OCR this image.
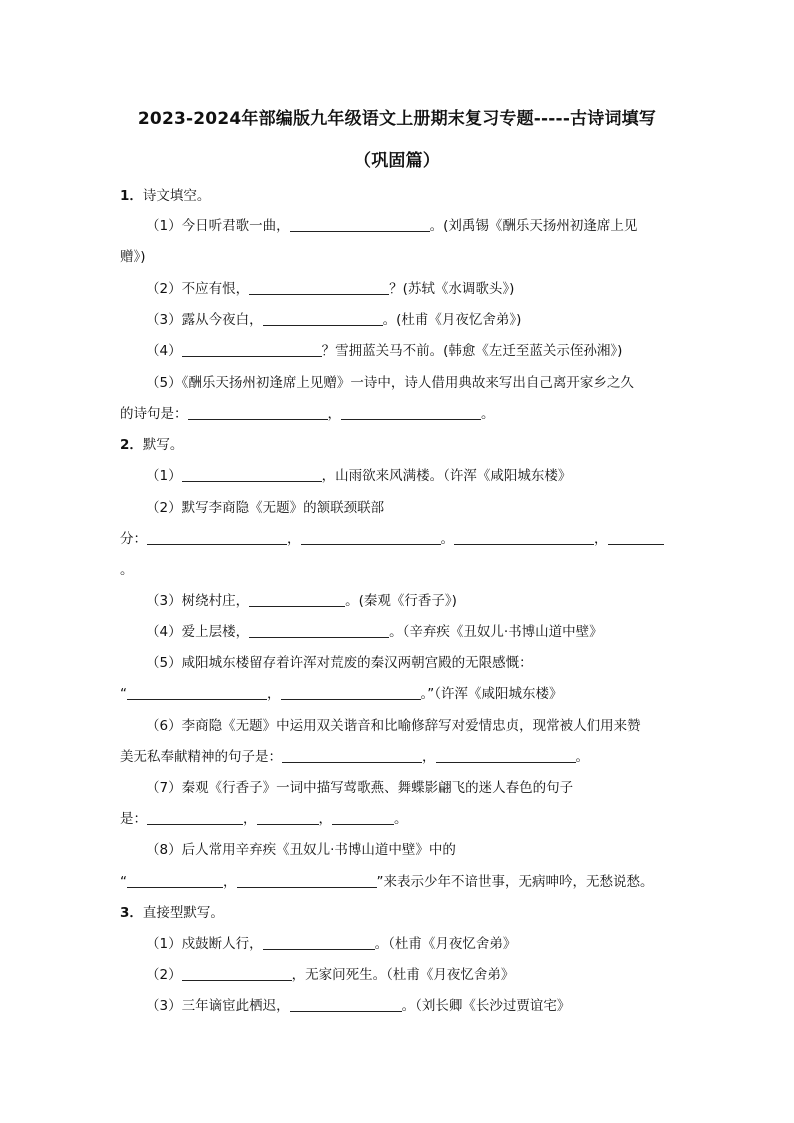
2023-2024年部编版九年级语文上册期末复习专题-----古诗词填写
（巩固篇）
1．诗文填空。
（1）今日听君歌一曲，	。(刘禹锡《酬乐天扬州初逢席上见
赠》)
（2）不应有恨，	？(苏轼《水调歌头》)
（3）露从今夜白，	。(杜甫《月夜忆舍弟》)
（4）	？雪拥蓝关马不前。(韩愈《左迁至蓝关示侄孙湘》)
（5）《酬乐天扬州初逢席上见赠》一诗中，诗人借用典故来写出自己离开家乡之久
的诗句是：	，	。
2．默写。
（1）	，山雨欲来风满楼。（许浑《咸阳城东楼》
（2）默写李商隐《无题》的颔联颈联部
分：	，	。	，
。
（3）树绕村庄，	。(秦观《行香子》)
（4）爱上层楼，	。（辛弃疾《丑奴儿·书博山道中壁》
（5）咸阳城东楼留存着许浑对荒废的秦汉两朝宫殿的无限感慨：
“	，	。”（许浑《咸阳城东楼》
（6）李商隐《无题》中运用双关谐音和比喻修辞写对爱情忠贞，现常被人们用来赞
美无私奉献精神的句子是：	，	。
（7）秦观《行香子》一词中描写莺歌燕、舞蝶影翩飞的迷人春色的句子
是：	，	，	。
（8）后人常用辛弃疾《丑奴儿·书博山道中壁》中的
“	，	”来表示少年不谙世事，无病呻吟，无愁说愁。
3．直接型默写。
（1）戍鼓断人行，	。（杜甫《月夜忆舍弟》
（2）	，无家问死生。（杜甫《月夜忆舍弟》
（3）三年谪宦此栖迟，	。（刘长卿《长沙过贾谊宅》
